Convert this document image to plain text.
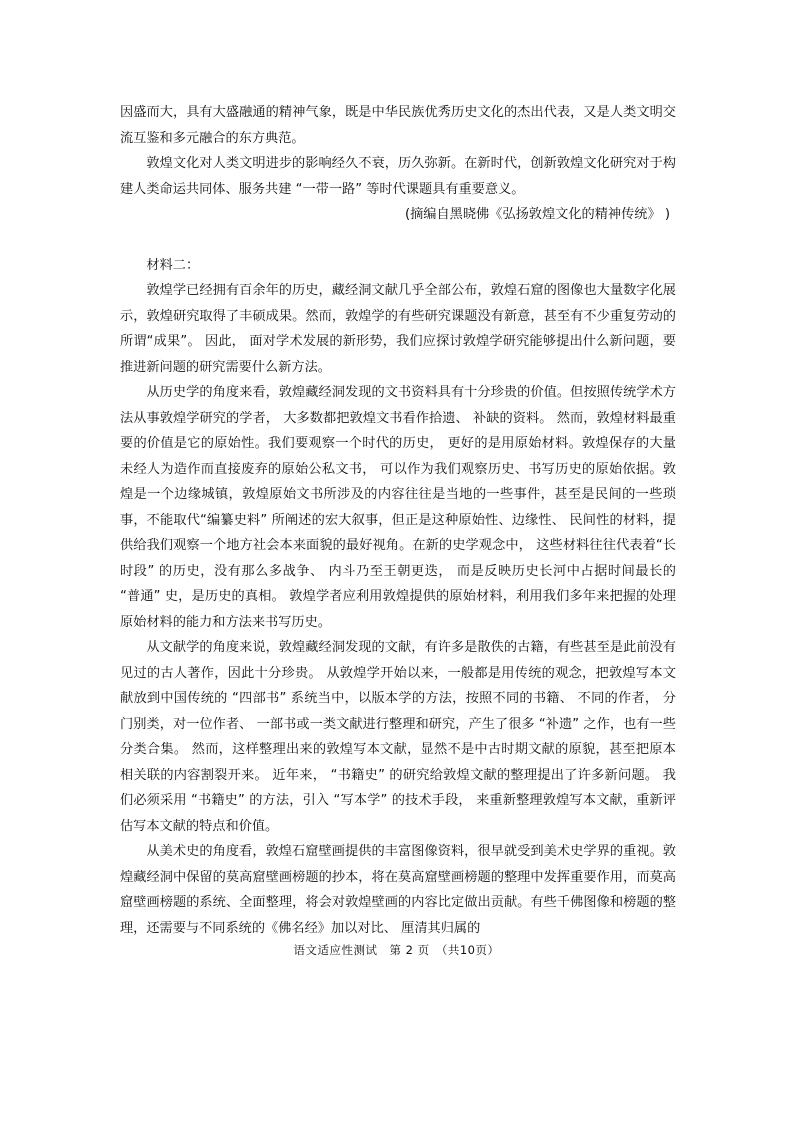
因盛而大，具有大盛融通的精神气象，既是中华民族优秀历史文化的杰出代表，又是人类文明交流互鉴和多元融合的东方典范。

敦煌文化对人类文明进步的影响经久不衰，历久弥新。在新时代，创新敦煌文化研究对于构建人类命运共同体、服务共建 “一带一路” 等时代课题具有重要意义。

(摘编自黑晓佛《弘扬敦煌文化的精神传统》 )

材料二：

敦煌学已经拥有百余年的历史，藏经洞文献几乎全部公布，敦煌石窟的图像也大量数字化展示，敦煌研究取得了丰硕成果。然而，敦煌学的有些研究课题没有新意，甚至有不少重复劳动的所谓“成果”。 因此， 面对学术发展的新形势，我们应探讨敦煌学研究能够提出什么新问题，要推进新问题的研究需要什么新方法。

从历史学的角度来看，敦煌藏经洞发现的文书资料具有十分珍贵的价值。但按照传统学术方法从事敦煌学研究的学者， 大多数都把敦煌文书看作拾遗、 补缺的资料。 然而，敦煌材料最重要的价值是它的原始性。我们要观察一个时代的历史， 更好的是用原始材料。敦煌保存的大量未经人为造作而直接废弃的原始公私文书， 可以作为我们观察历史、书写历史的原始依据。敦煌是一个边缘城镇，敦煌原始文书所涉及的内容往往是当地的一些事件，甚至是民间的一些琐事，不能取代“编纂史料” 所阐述的宏大叙事，但正是这种原始性、边缘性、 民间性的材料，提供给我们观察一个地方社会本来面貌的最好视角。在新的史学观念中， 这些材料往往代表着“长时段” 的历史，没有那么多战争、 内斗乃至王朝更迭， 而是反映历史长河中占据时间最长的 “普通” 史，是历史的真相。 敦煌学者应利用敦煌提供的原始材料，利用我们多年来把握的处理原始材料的能力和方法来书写历史。

从文献学的角度来说，敦煌藏经洞发现的文献，有许多是散佚的古籍，有些甚至是此前没有见过的古人著作，因此十分珍贵。 从敦煌学开始以来，一般都是用传统的观念，把敦煌写本文献放到中国传统的 “四部书” 系统当中，以版本学的方法，按照不同的书籍、 不同的作者， 分门别类，对一位作者、 一部书或一类文献进行整理和研究，产生了很多 “补遗” 之作，也有一些分类合集。 然而，这样整理出来的敦煌写本文献，显然不是中古时期文献的原貌，甚至把原本相关联的内容割裂开来。 近年来， “书籍史” 的研究给敦煌文献的整理提出了许多新问题。 我们必须采用 “书籍史” 的方法，引入 “写本学” 的技术手段， 来重新整理敦煌写本文献，重新评估写本文献的特点和价值。

从美术史的角度看，敦煌石窟壁画提供的丰富图像资料，很早就受到美术史学界的重视。敦煌藏经洞中保留的莫高窟壁画榜题的抄本，将在莫高窟壁画榜题的整理中发挥重要作用，而莫高窟壁画榜题的系统、全面整理，将会对敦煌壁画的内容比定做出贡献。有些千佛图像和榜题的整理，还需要与不同系统的《佛名经》加以对比、 厘清其归属的

语文适应性测试　第 2 页　（共10页）
